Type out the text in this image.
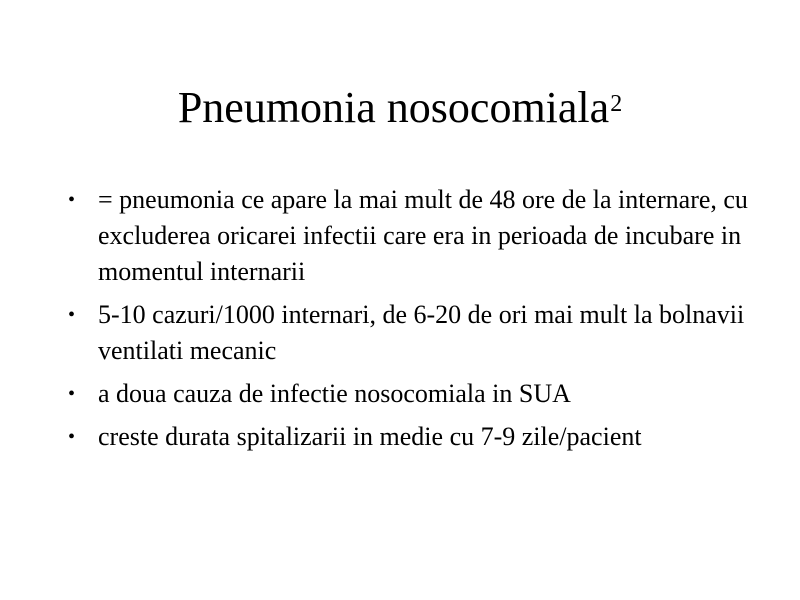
Pneumonia nosocomiala$^2$
• = pneumonia ce apare la mai mult de 48 ore de la internare, cu excluderea oricarei infectii care era in perioada de incubare in momentul internarii
• 5-10 cazuri/1000 internari, de 6-20 de ori mai mult la bolnavii ventilati mecanic
• a doua cauza de infectie nosocomiala in SUA
• creste durata spitalizarii in medie cu 7-9 zile/pacient
